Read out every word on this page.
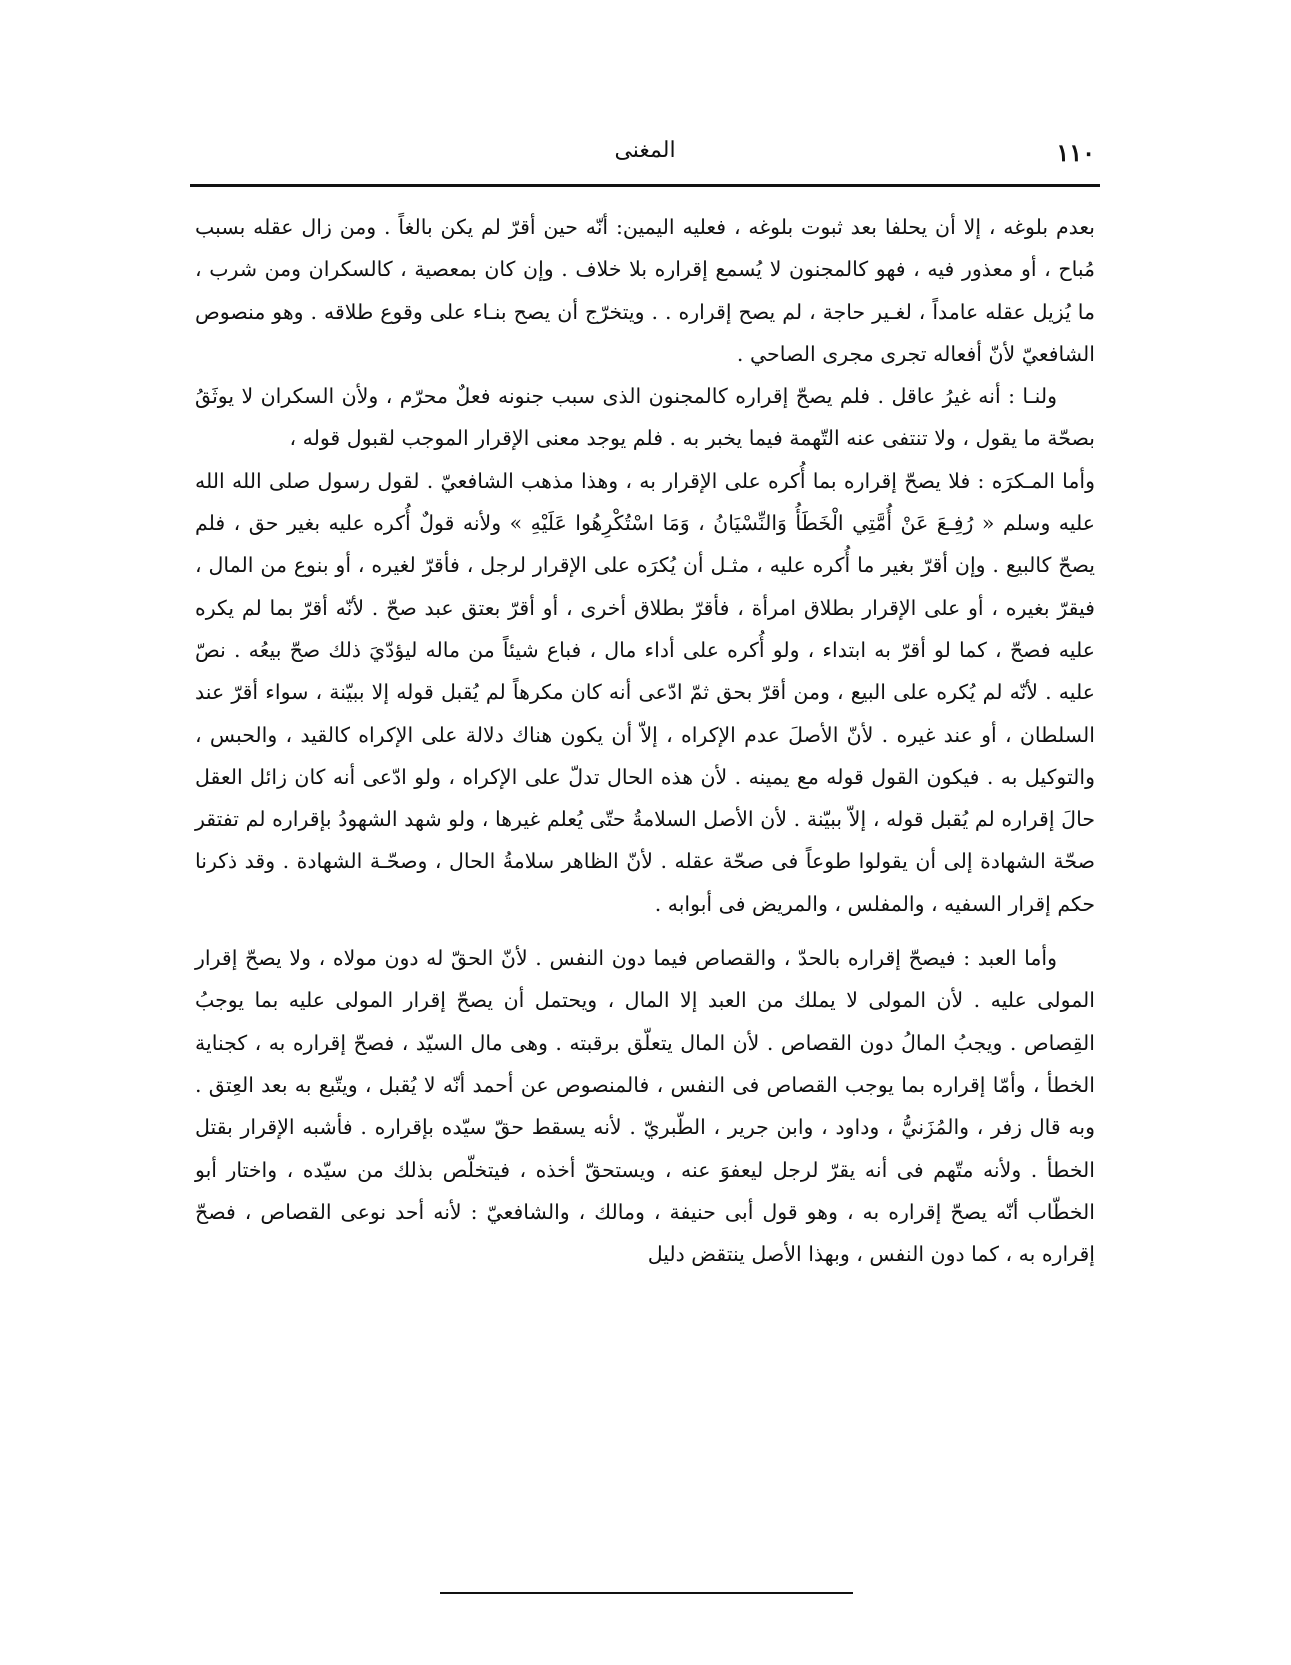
١١٠
المغنى

بعدم بلوغه ، إلا أن يحلفا بعد ثبوت بلوغه ، فعليه اليمين: أنّه حين أقرّ لم يكن بالغاً . ومن زال عقله بسبب مُباح ، أو معذور فيه ، فهو كالمجنون لا يُسمع إقراره بلا خلاف . وإن كان بمعصية ، كالسكران ومن شرب ، ما يُزيل عقله عامداً ، لغـير حاجة ، لم يصح إقراره . . ويتخرّج أن يصح بنـاء على وقوع طلاقه . وهو منصوص الشافعيّ لأنّ أفعاله تجرى مجرى الصاحي .

ولنـا : أنه غيرُ عاقل . فلم يصحّ إقراره كالمجنون الذى سبب جنونه فعلٌ محرّم ، ولأن السكران لا يوثَقُ بصحّة ما يقول ، ولا تنتفى عنه التّهمة فيما يخبر به . فلم يوجد معنى الإقرار الموجب لقبول قوله ،

وأما المـكرَه : فلا يصحّ إقراره بما أُكره على الإقرار به ، وهذا مذهب الشافعيّ . لقول رسول صلى الله الله عليه وسلم « رُفِـعَ عَنْ أُمَّتِي الْخَطَأُ وَالنِّسْيَانُ ، وَمَا اسْتُكْرِهُوا عَلَيْهِ » ولأنه قولٌ أُكره عليه بغير حق ، فلم يصحّ كالبيع . وإن أقرّ بغير ما أُكره عليه ، مثـل أن يُكرَه على الإقرار لرجل ، فأقرّ لغيره ، أو بنوع من المال ، فيقرّ بغيره ، أو على الإقرار بطلاق امرأة ، فأقرّ بطلاق أخرى ، أو أقرّ بعتق عبد صحّ . لأنّه أقرّ بما لم يكره عليه فصحّ ، كما لو أقرّ به ابتداء ، ولو أُكره على أداء مال ، فباع شيئاً من ماله ليؤدّيَ ذلك صحّ بيعُه . نصّ عليه . لأنّه لم يُكره على البيع ، ومن أقرّ بحق ثمّ ادّعى أنه كان مكرهاً لم يُقبل قوله إلا ببيّنة ، سواء أقرّ عند السلطان ، أو عند غيره . لأنّ الأصلَ عدم الإكراه ، إلاّ أن يكون هناك دلالة على الإكراه كالقيد ، والحبس ، والتوكيل به . فيكون القول قوله مع يمينه . لأن هذه الحال تدلّ على الإكراه ، ولو ادّعى أنه كان زائل العقل حالَ إقراره لم يُقبل قوله ، إلاّ ببيّنة . لأن الأصل السلامةُ حتّى يُعلم غيرها ، ولو شهد الشهودُ بإقراره لم تفتقر صحّة الشهادة إلى أن يقولوا طوعاً فى صحّة عقله . لأنّ الظاهر سلامةُ الحال ، وصحّـة الشهادة . وقد ذكرنا حكم إقرار السفيه ، والمفلس ، والمريض فى أبوابه .

وأما العبد : فيصحّ إقراره بالحدّ ، والقصاص فيما دون النفس . لأنّ الحقّ له دون مولاه ، ولا يصحّ إقرار المولى عليه . لأن المولى لا يملك من العبد إلا المال ، ويحتمل أن يصحّ إقرار المولى عليه بما يوجبُ القِصاص . ويجبُ المالُ دون القصاص . لأن المال يتعلّق برقبته . وهى مال السيّد ، فصحّ إقراره به ، كجناية الخطأ ، وأمّا إقراره بما يوجب القصاص فى النفس ، فالمنصوص عن أحمد أنّه لا يُقبل ، ويتّبع به بعد العِتق . وبه قال زفر ، والمُزَنيُّ ، وداود ، وابن جرير ، الطّبريّ . لأنه يسقط حقّ سيّده بإقراره . فأشبه الإقرار بقتل الخطأ . ولأنه متّهم فى أنه يقرّ لرجل ليعفوَ عنه ، ويستحقّ أخذه ، فيتخلّص بذلك من سيّده ، واختار أبو الخطّاب أنّه يصحّ إقراره به ، وهو قول أبى حنيفة ، ومالك ، والشافعيّ : لأنه أحد نوعى القصاص ، فصحّ إقراره به ، كما دون النفس ، وبهذا الأصل ينتقض دليل
